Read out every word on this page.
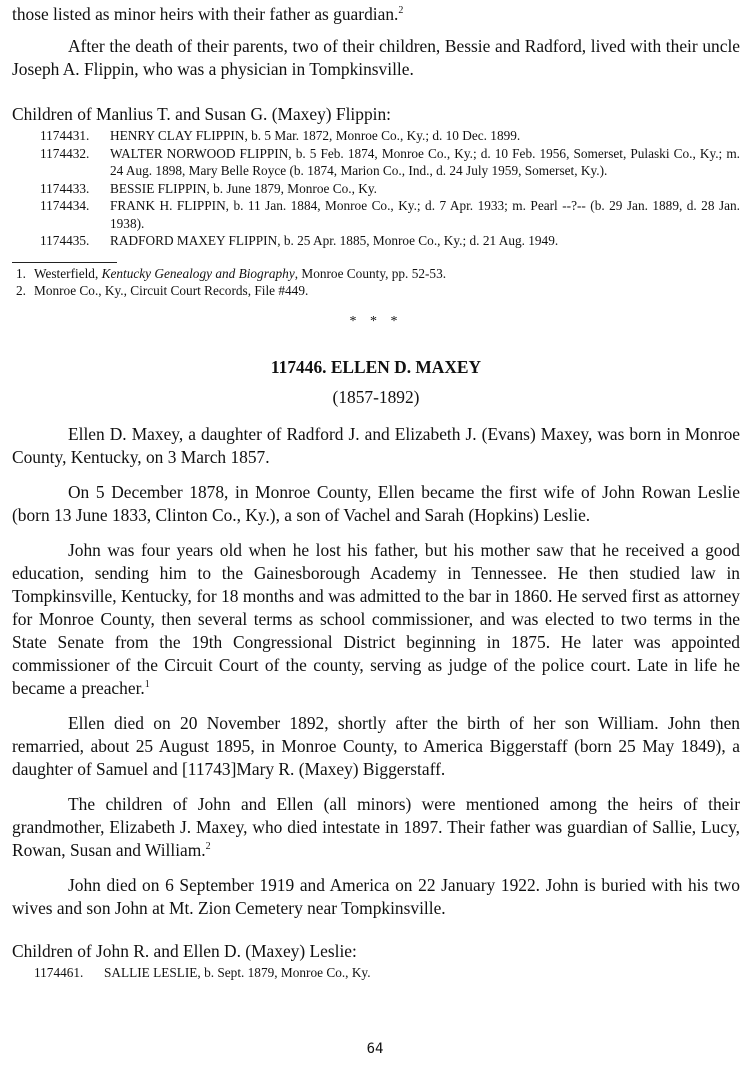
those listed as minor heirs with their father as guardian.$^2$

After the death of their parents, two of their children, Bessie and Radford, lived with their uncle Joseph A. Flippin, who was a physician in Tompkinsville.

Children of Manlius T. and Susan G. (Maxey) Flippin:

1174431. HENRY CLAY FLIPPIN, b. 5 Mar. 1872, Monroe Co., Ky.; d. 10 Dec. 1899.
1174432. WALTER NORWOOD FLIPPIN, b. 5 Feb. 1874, Monroe Co., Ky.; d. 10 Feb. 1956, Somerset, Pulaski Co., Ky.; m. 24 Aug. 1898, Mary Belle Royce (b. 1874, Marion Co., Ind., d. 24 July 1959, Somerset, Ky.).
1174433. BESSIE FLIPPIN, b. June 1879, Monroe Co., Ky.
1174434. FRANK H. FLIPPIN, b. 11 Jan. 1884, Monroe Co., Ky.; d. 7 Apr. 1933; m. Pearl --?-- (b. 29 Jan. 1889, d. 28 Jan. 1938).
1174435. RADFORD MAXEY FLIPPIN, b. 25 Apr. 1885, Monroe Co., Ky.; d. 21 Aug. 1949.

1. Westerfield, Kentucky Genealogy and Biography, Monroe County, pp. 52-53.

2. Monroe Co., Ky., Circuit Court Records, File #449.

* * *
117446. ELLEN D. MAXEY
(1857-1892)

Ellen D. Maxey, a daughter of Radford J. and Elizabeth J. (Evans) Maxey, was born in Monroe County, Kentucky, on 3 March 1857.

On 5 December 1878, in Monroe County, Ellen became the first wife of John Rowan Leslie (born 13 June 1833, Clinton Co., Ky.), a son of Vachel and Sarah (Hopkins) Leslie.

John was four years old when he lost his father, but his mother saw that he received a good education, sending him to the Gainesborough Academy in Tennessee. He then studied law in Tompkinsville, Kentucky, for 18 months and was admitted to the bar in 1860. He served first as attorney for Monroe County, then several terms as school commissioner, and was elected to two terms in the State Senate from the 19th Congressional District beginning in 1875. He later was appointed commissioner of the Circuit Court of the county, serving as judge of the police court. Late in life he became a preacher.$^1$

Ellen died on 20 November 1892, shortly after the birth of her son William. John then remarried, about 25 August 1895, in Monroe County, to America Biggerstaff (born 25 May 1849), a daughter of Samuel and [11743]Mary R. (Maxey) Biggerstaff.

The children of John and Ellen (all minors) were mentioned among the heirs of their grandmother, Elizabeth J. Maxey, who died intestate in 1897. Their father was guardian of Sallie, Lucy, Rowan, Susan and William.$^2$

John died on 6 September 1919 and America on 22 January 1922. John is buried with his two wives and son John at Mt. Zion Cemetery near Tompkinsville.

Children of John R. and Ellen D. (Maxey) Leslie:

1174461. SALLIE LESLIE, b. Sept. 1879, Monroe Co., Ky.
64
